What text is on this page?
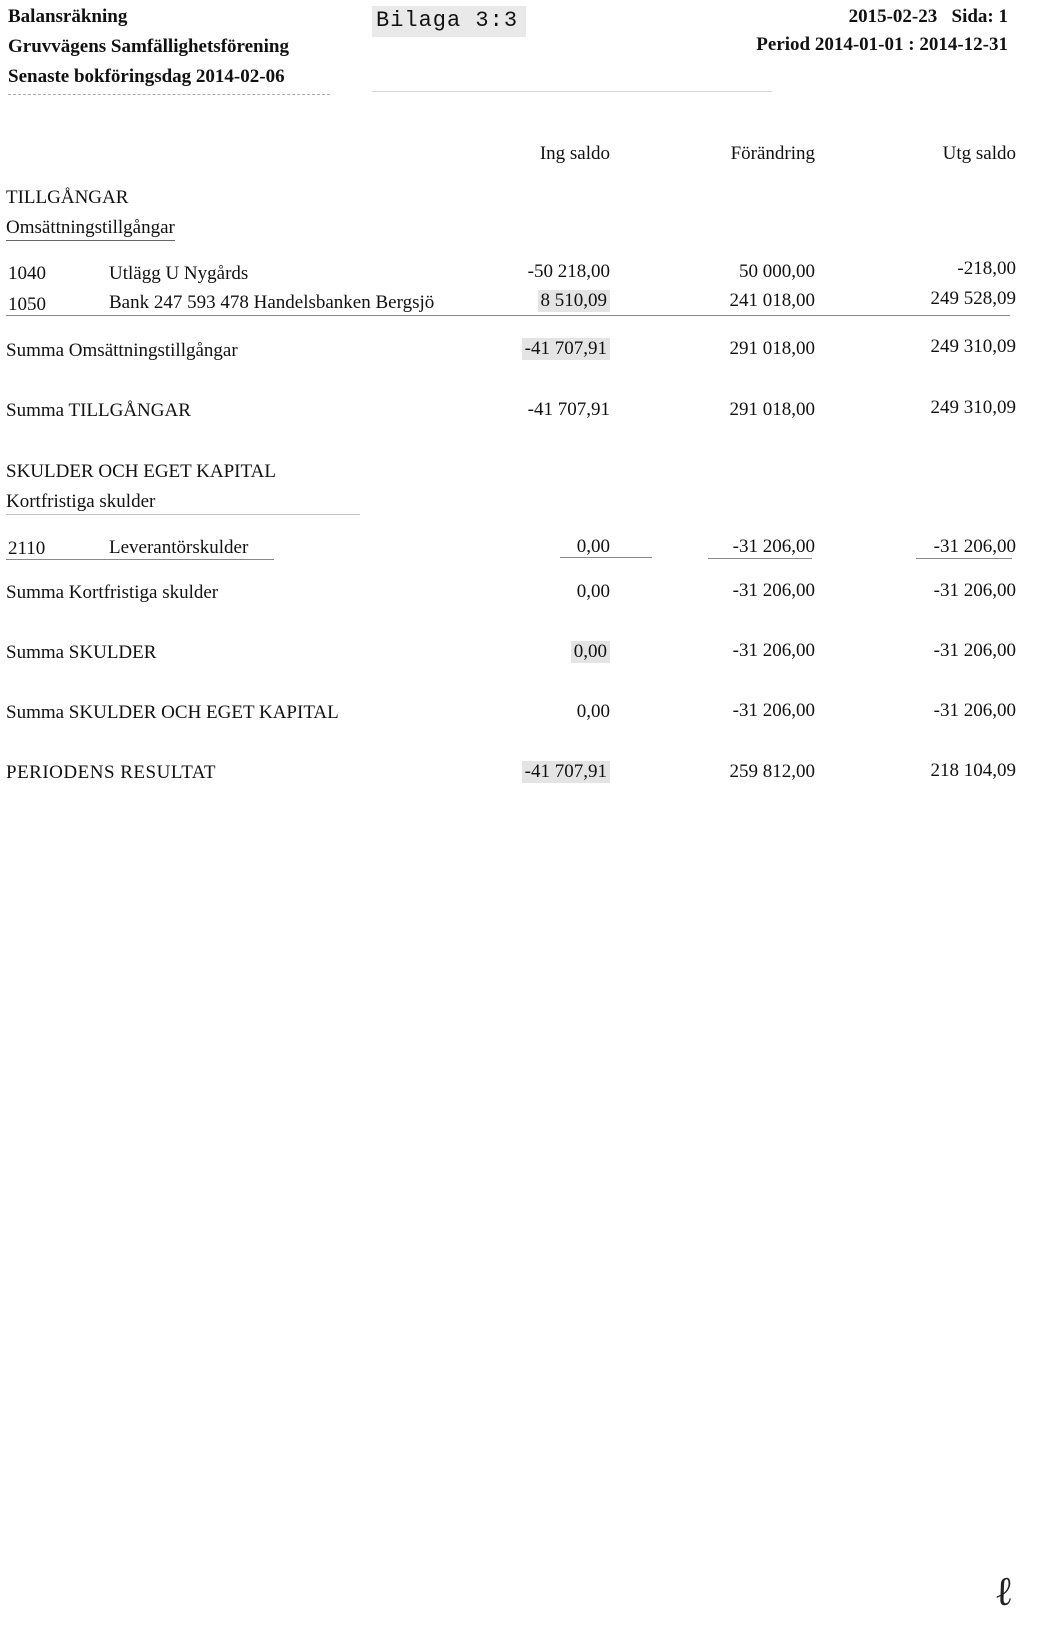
Balansräkning
Gruvvägens Samfällighetsförening
Senaste bokföringsdag 2014-02-06
Bilaga 3:3	2015-02-23 Sida: 1
Period 2014-01-01 : 2014-12-31
Ing saldo	Förändring	Utg saldo
TILLGÅNGAR
Omsättningstillgångar
1040	Utlägg U Nygårds	-50 218,00	50 000,00	-218,00
1050	Bank 247 593 478 Handelsbanken Bergsjö	8 510,09	241 018,00	249 528,09
Summa Omsättningstillgångar	-41 707,91	291 018,00	249 310,09
Summa TILLGÅNGAR	-41 707,91	291 018,00	249 310,09
SKULDER OCH EGET KAPITAL
Kortfristiga skulder
2110	Leverantörskulder	0,00	-31 206,00	-31 206,00
Summa Kortfristiga skulder	0,00	-31 206,00	-31 206,00
Summa SKULDER	0,00	-31 206,00	-31 206,00
Summa SKULDER OCH EGET KAPITAL	0,00	-31 206,00	-31 206,00
PERIODENS RESULTAT	-41 707,91	259 812,00	218 104,09
ℓ
